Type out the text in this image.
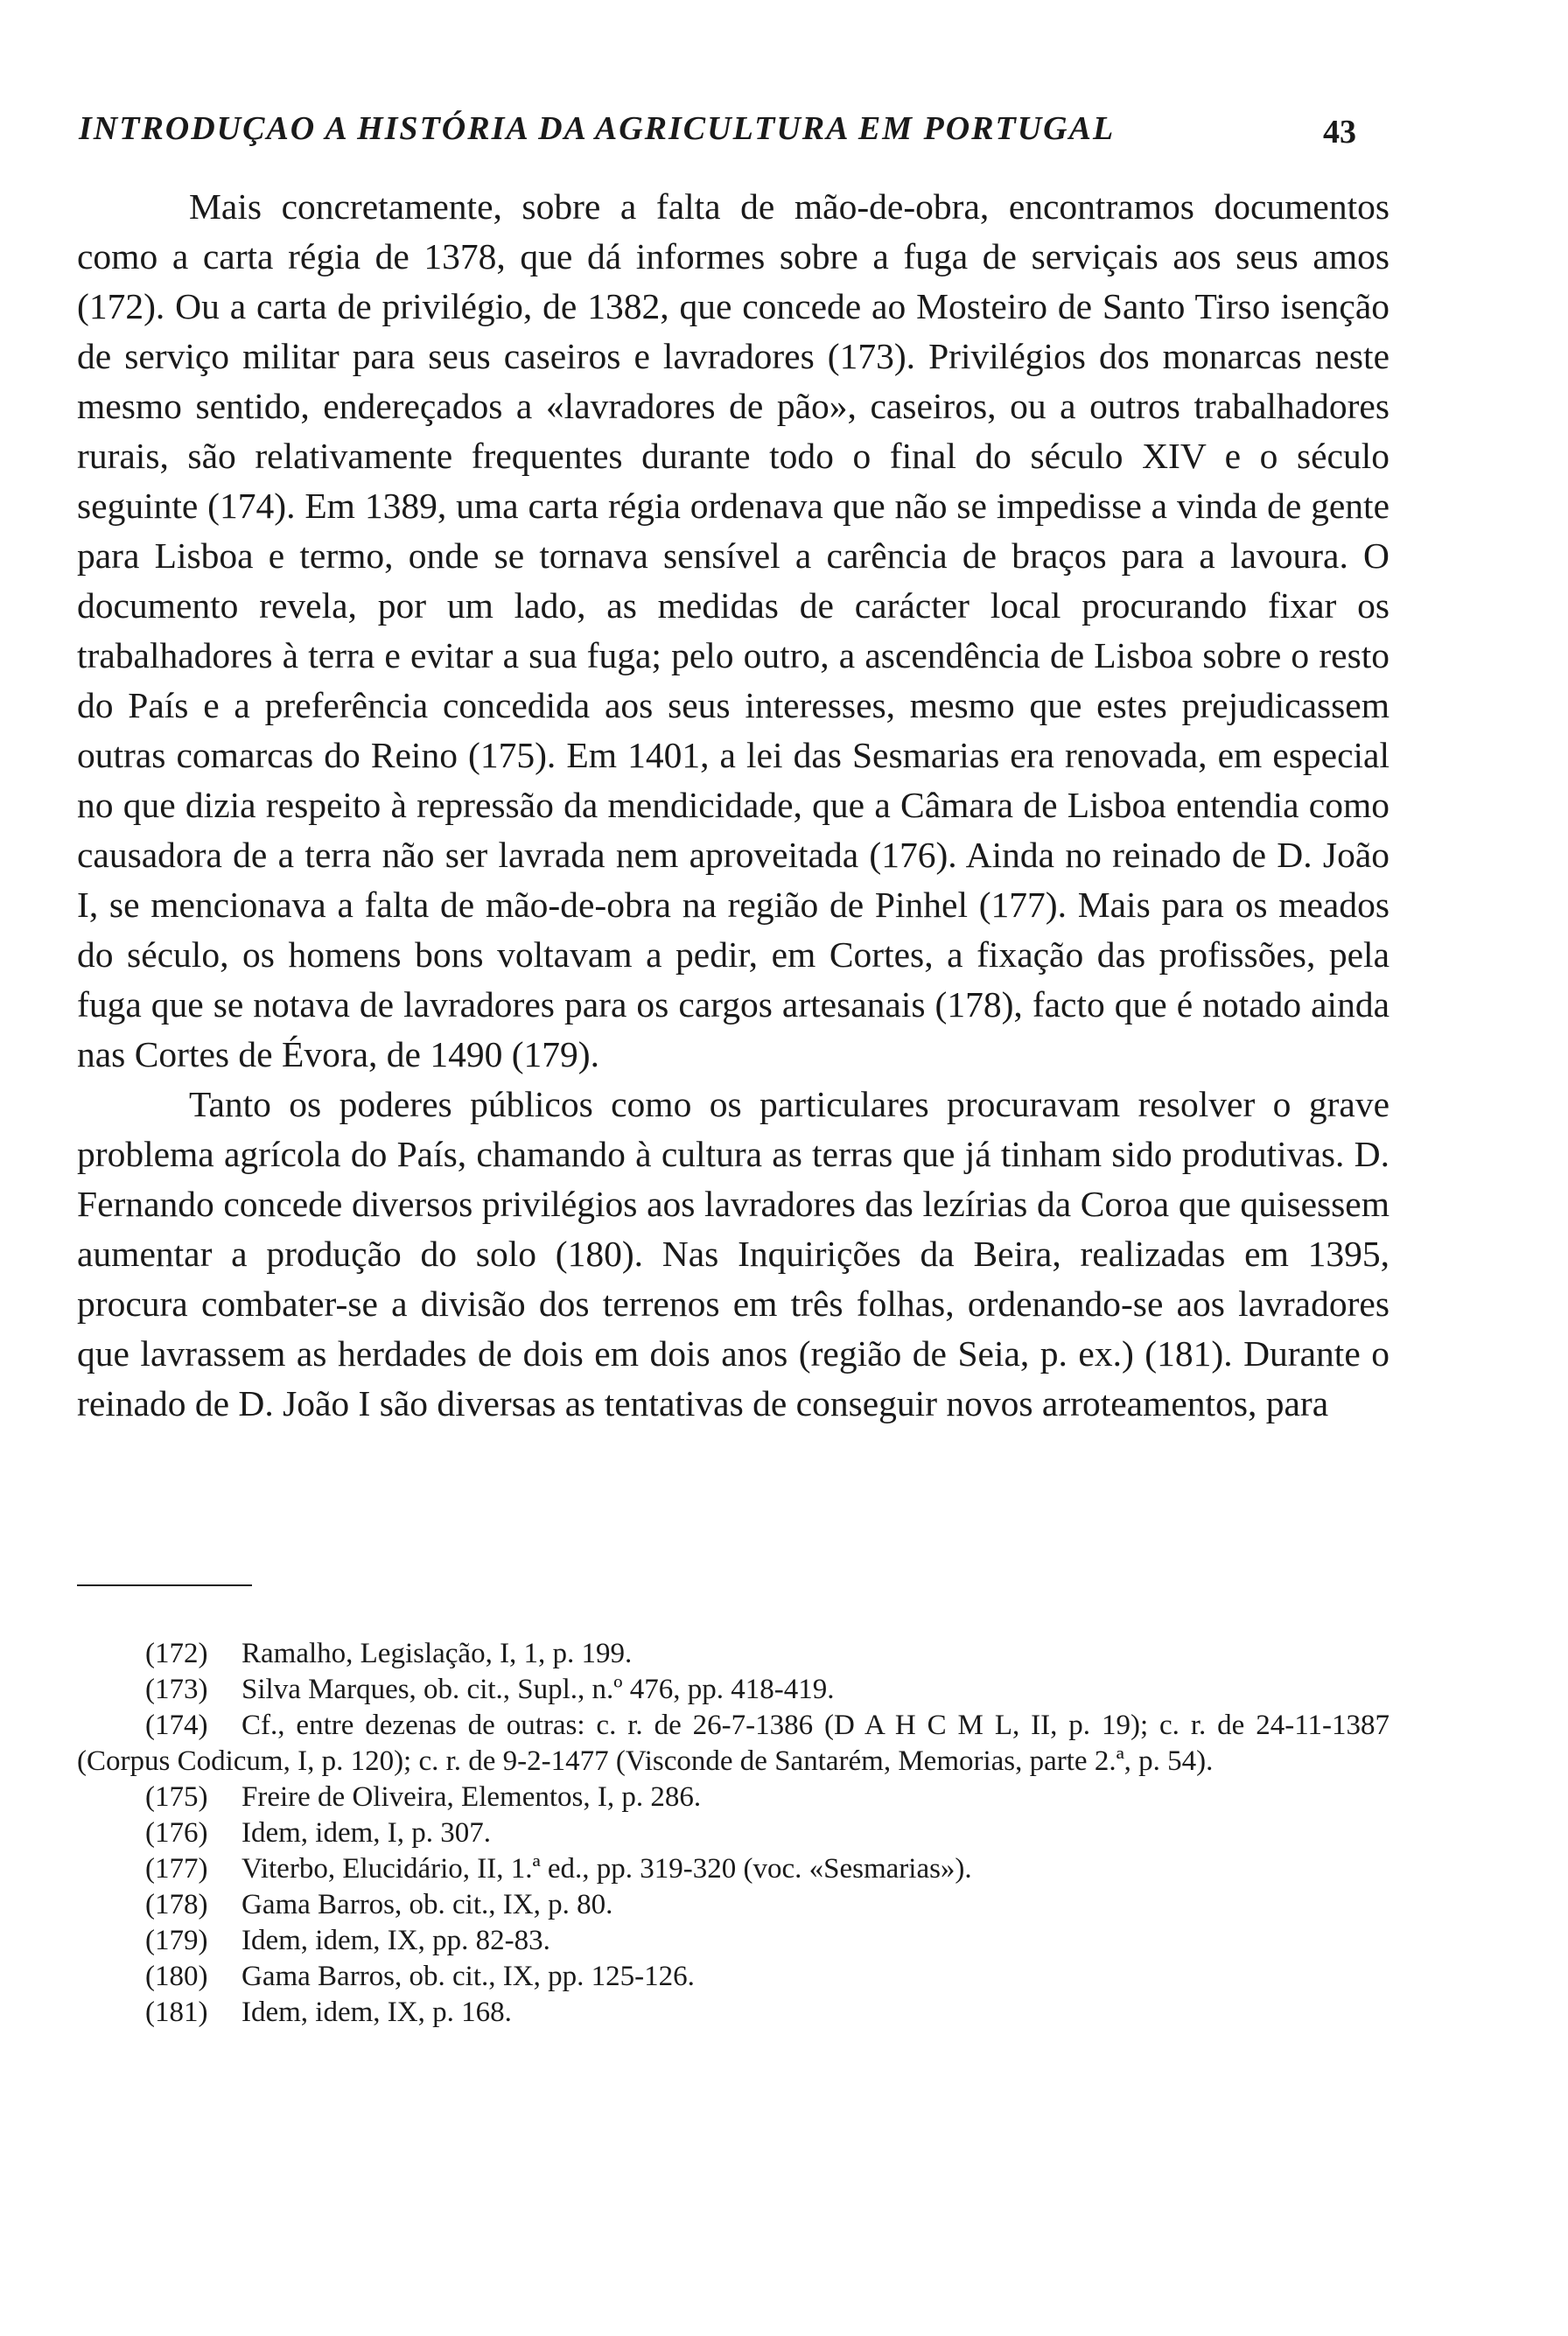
INTRODUÇAO A HISTÓRIA DA AGRICULTURA EM PORTUGAL	43

Mais concretamente, sobre a falta de mão-de-obra, encontramos documentos como a carta régia de 1378, que dá informes sobre a fuga de serviçais aos seus amos (172). Ou a carta de privilégio, de 1382, que concede ao Mosteiro de Santo Tirso isenção de serviço militar para seus caseiros e lavradores (173). Privilégios dos monarcas neste mesmo sentido, endereçados a «lavradores de pão», caseiros, ou a outros trabalhadores rurais, são relativamente frequentes durante todo o final do século XIV e o século seguinte (174). Em 1389, uma carta régia ordenava que não se impedisse a vinda de gente para Lisboa e termo, onde se tornava sensível a carência de braços para a lavoura. O documento revela, por um lado, as medidas de carácter local procurando fixar os trabalhadores à terra e evitar a sua fuga; pelo outro, a ascendência de Lisboa sobre o resto do País e a preferência concedida aos seus interesses, mesmo que estes prejudicassem outras comarcas do Reino (175). Em 1401, a lei das Sesmarias era renovada, em especial no que dizia respeito à repressão da mendicidade, que a Câmara de Lisboa entendia como causadora de a terra não ser lavrada nem aproveitada (176). Ainda no reinado de D. João I, se mencionava a falta de mão-de-obra na região de Pinhel (177). Mais para os meados do século, os homens bons voltavam a pedir, em Cortes, a fixação das profissões, pela fuga que se notava de lavradores para os cargos artesanais (178), facto que é notado ainda nas Cortes de Évora, de 1490 (179).

Tanto os poderes públicos como os particulares procuravam resolver o grave problema agrícola do País, chamando à cultura as terras que já tinham sido produtivas. D. Fernando concede diversos privilégios aos lavradores das lezírias da Coroa que quisessem aumentar a produção do solo (180). Nas Inquirições da Beira, realizadas em 1395, procura combater-se a divisão dos terrenos em três folhas, ordenando-se aos lavradores que lavrassem as herdades de dois em dois anos (região de Seia, p. ex.) (181). Durante o reinado de D. João I são diversas as tentativas de conseguir novos arroteamentos, para

(172) Ramalho, Legislação, I, 1, p. 199.

(173) Silva Marques, ob. cit., Supl., n.º 476, pp. 418-419.

(174) Cf., entre dezenas de outras: c. r. de 26-7-1386 (D A H C M L, II, p. 19); c. r. de 24-11-1387 (Corpus Codicum, I, p. 120); c. r. de 9-2-1477 (Visconde de Santarém, Memorias, parte 2.ª, p. 54).

(175) Freire de Oliveira, Elementos, I, p. 286.

(176) Idem, idem, I, p. 307.

(177) Viterbo, Elucidário, II, 1.ª ed., pp. 319-320 (voc. «Sesmarias»).

(178) Gama Barros, ob. cit., IX, p. 80.

(179) Idem, idem, IX, pp. 82-83.

(180) Gama Barros, ob. cit., IX, pp. 125-126.

(181) Idem, idem, IX, p. 168.
